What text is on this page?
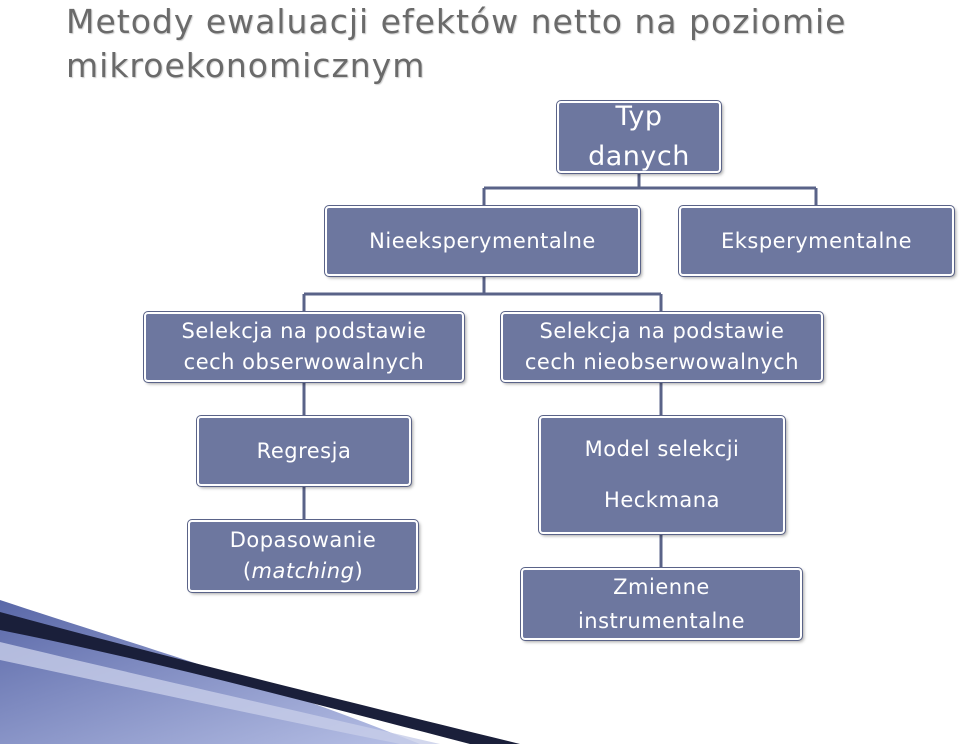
Metody ewaluacji efektów netto na poziomie
mikroekonomicznym
Typ
danych
Nieeksperymentalne	Eksperymentalne
Selekcja na podstawie
cech obserwowalnych
Selekcja na podstawie
cech nieobserwowalnych
Regresja
Dopasowanie
(matching)
Model selekcji
Heckmana
Zmienne
instrumentalne
